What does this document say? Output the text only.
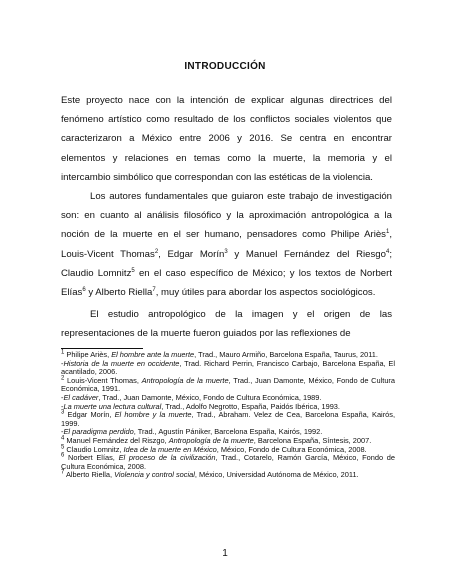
INTRODUCCIÓN

Este proyecto nace con la intención de explicar algunas directrices del fenómeno artístico como resultado de los conflictos sociales violentos que caracterizaron a México entre 2006 y 2016. Se centra en encontrar elementos y relaciones en temas como la muerte, la memoria y el intercambio simbólico que correspondan con las estéticas de la violencia.

Los autores fundamentales que guiaron este trabajo de investigación son: en cuanto al análisis filosófico y la aproximación antropológica a la noción de la muerte en el ser humano, pensadores como Philipe Ariès$^1$, Louis-Vicent Thomas$^2$, Edgar Morín$^3$ y Manuel Fernández del Riesgo$^4$; Claudio Lomnitz$^5$ en el caso específico de México; y los textos de Norbert Elías$^6$ y Alberto Riella$^7$, muy útiles para abordar los aspectos sociológicos.

El estudio antropológico de la imagen y el origen de las representaciones de la muerte fueron guiados por las reflexiones de

$^1$ Philipe Ariès, El hombre ante la muerte, Trad., Mauro Armiño, Barcelona España, Taurus, 2011.

-Historia de la muerte en occidente, Trad. Richard Perrin, Francisco Carbajo, Barcelona España, El acantilado, 2006.

$^2$ Louis-Vicent Thomas, Antropología de la muerte, Trad., Juan Damonte, México, Fondo de Cultura Económica, 1991.

-El cadáver, Trad., Juan Damonte, México, Fondo de Cultura Económica, 1989.

-La muerte una lectura cultural, Trad., Adolfo Negrotto, España, Paidós Ibérica, 1993.

$^3$ Edgar Morín, El hombre y la muerte, Trad., Abraham. Velez de Cea, Barcelona España, Kairós, 1999.

-El paradigma perdido, Trad., Agustín Pániker, Barcelona España, Kairós, 1992.

$^4$ Manuel Fernández del Riszgo, Antropología de la muerte, Barcelona España, Síntesis, 2007.

$^5$ Claudio Lomnitz, Idea de la muerte en México, México, Fondo de Cultura Económica, 2008.

$^6$ Norbert Elías, El proceso de la civilización, Trad., Cotarelo, Ramón García, México, Fondo de Cultura Económica, 2008.

$^7$ Alberto Riella, Violencia y control social, México, Universidad Autónoma de México, 2011.

1
